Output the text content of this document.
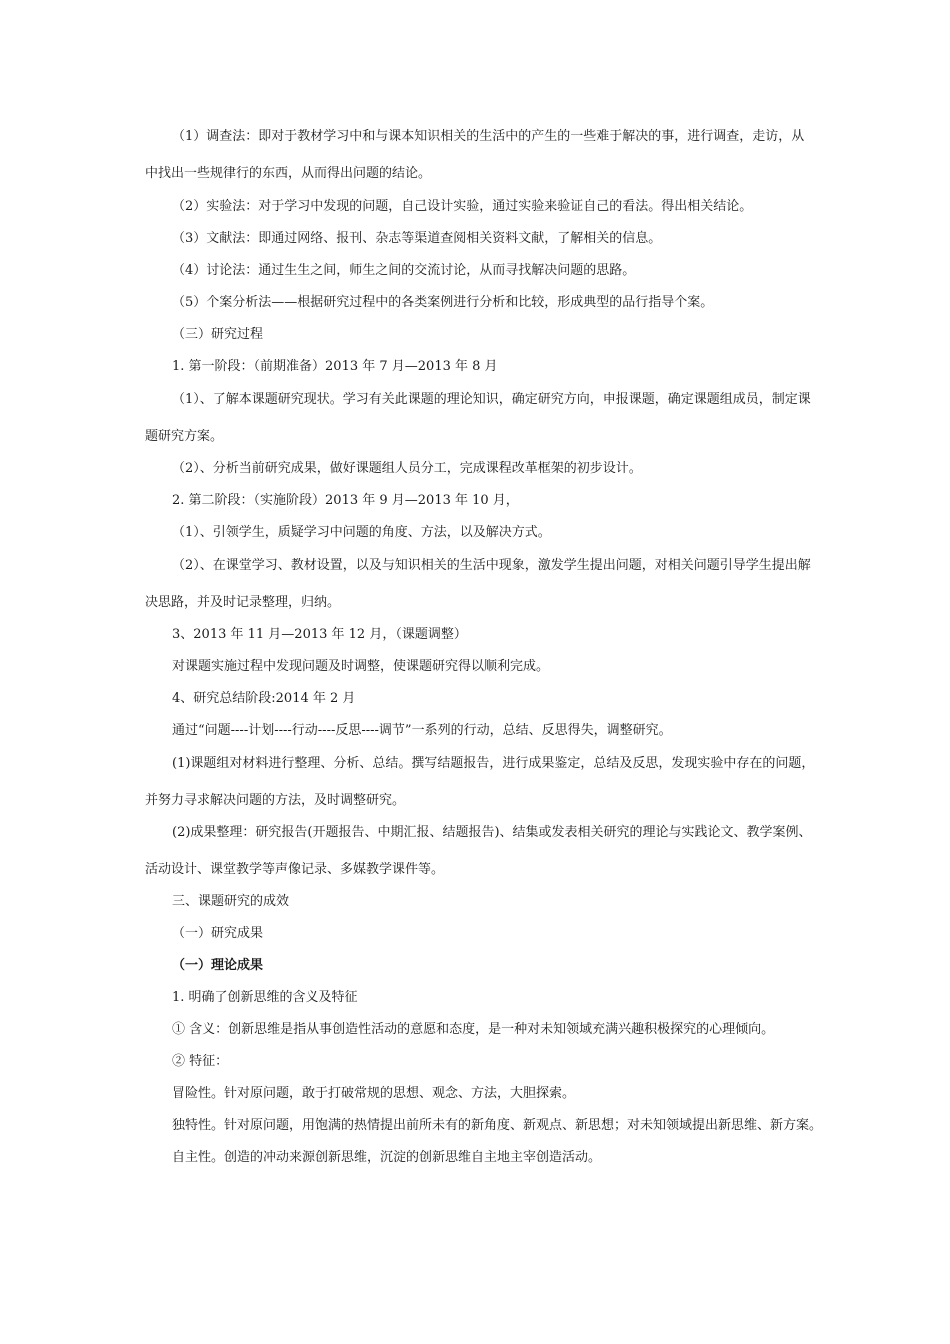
（1）调查法：即对于教材学习中和与课本知识相关的生活中的产生的一些难于解决的事，进行调查，走访，从
中找出一些规律行的东西，从而得出问题的结论。
（2）实验法：对于学习中发现的问题，自己设计实验，通过实验来验证自己的看法。得出相关结论。
（3）文献法：即通过网络、报刊、杂志等渠道查阅相关资料文献，了解相关的信息。
（4）讨论法：通过生生之间，师生之间的交流讨论，从而寻找解决问题的思路。
（5）个案分析法——根据研究过程中的各类案例进行分析和比较，形成典型的品行指导个案。
（三）研究过程
1. 第一阶段：（前期准备）2013 年 7 月—2013 年 8 月
（1）、了解本课题研究现状。学习有关此课题的理论知识，确定研究方向，申报课题，确定课题组成员，制定课
题研究方案。
（2）、分析当前研究成果，做好课题组人员分工，完成课程改革框架的初步设计。
2. 第二阶段：（实施阶段）2013 年 9 月—2013 年 10 月，
（1）、引领学生，质疑学习中问题的角度、方法，以及解决方式。
（2）、在课堂学习、教材设置，以及与知识相关的生活中现象，激发学生提出问题，对相关问题引导学生提出解
决思路，并及时记录整理，归纳。
3、2013 年 11 月—2013 年 12 月，（课题调整）
对课题实施过程中发现问题及时调整，使课题研究得以顺利完成。
4、研究总结阶段:2014 年 2 月
通过“问题----计划----行动----反思----调节”一系列的行动，总结、反思得失，调整研究。
(1)课题组对材料进行整理、分析、总结。撰写结题报告，进行成果鉴定，总结及反思，发现实验中存在的问题，
并努力寻求解决问题的方法，及时调整研究。
(2)成果整理：研究报告(开题报告、中期汇报、结题报告)、结集或发表相关研究的理论与实践论文、教学案例、
活动设计、课堂教学等声像记录、多媒教学课件等。
三、课题研究的成效
（一）研究成果
（一）理论成果
1. 明确了创新思维的含义及特征
① 含义：创新思维是指从事创造性活动的意愿和态度，是一种对未知领域充满兴趣积极探究的心理倾向。
② 特征：
冒险性。针对原问题，敢于打破常规的思想、观念、方法，大胆探索。
独特性。针对原问题，用饱满的热情提出前所未有的新角度、新观点、新思想；对未知领域提出新思维、新方案。
自主性。创造的冲动来源创新思维，沉淀的创新思维自主地主宰创造活动。
